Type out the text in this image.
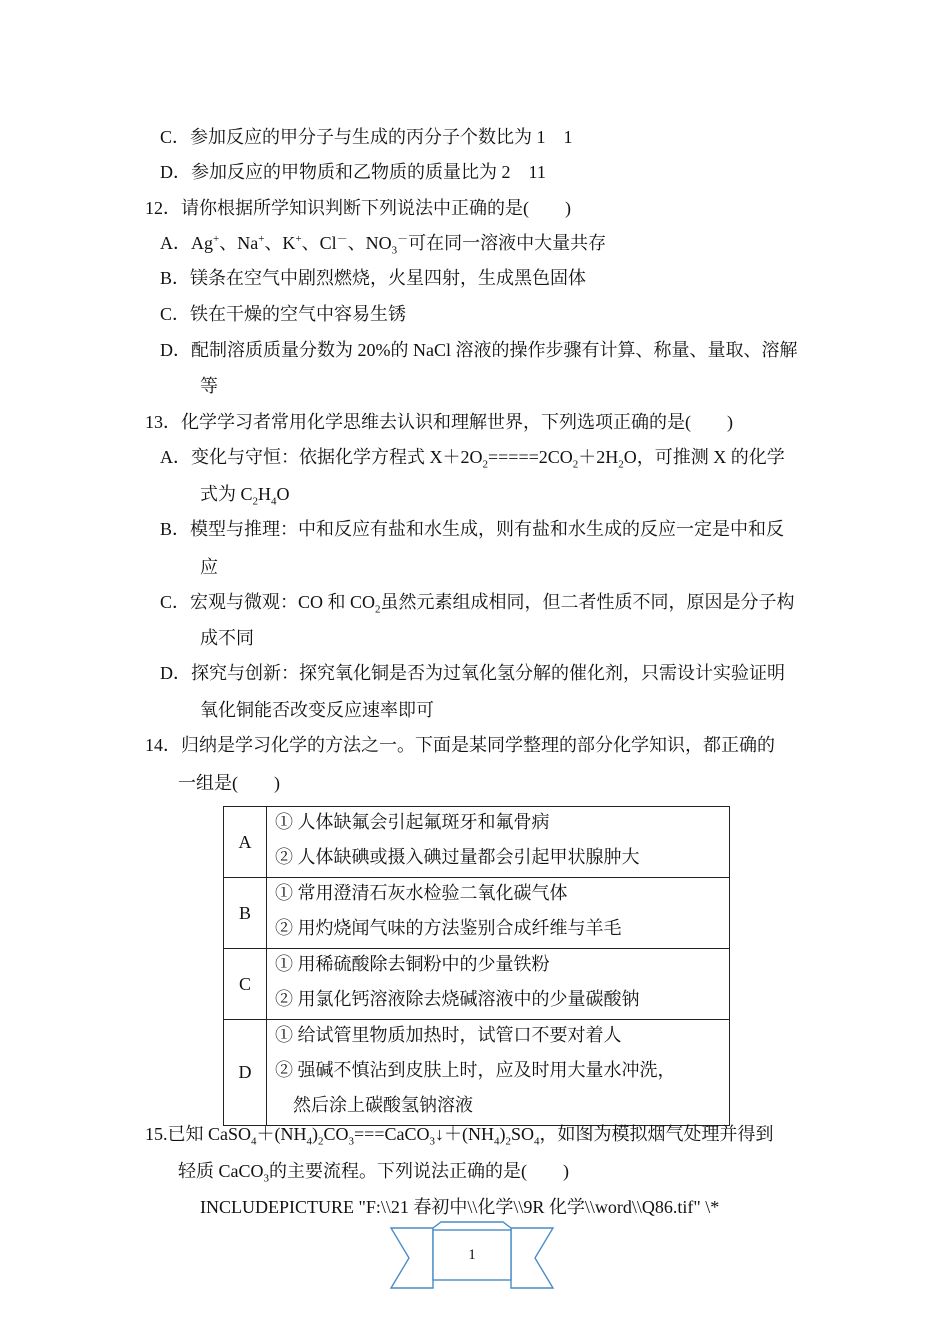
C．参加反应的甲分子与生成的丙分子个数比为 1　1
D．参加反应的甲物质和乙物质的质量比为 2　11
12．请你根据所学知识判断下列说法中正确的是(　　)
A．Ag+、Na+、K+、Cl－、$NO_3^-$可在同一溶液中大量共存
B．镁条在空气中剧烈燃烧，火星四射，生成黑色固体
C．铁在干燥的空气中容易生锈
D．配制溶质质量分数为 20%的 NaCl 溶液的操作步骤有计算、称量、量取、溶解
等
13．化学学习者常用化学思维去认识和理解世界，下列选项正确的是(　　)
A．变化与守恒：依据化学方程式 $X+2O_2=====2CO_2+2H_2O$，可推测 X 的化学
式为 $C_2H_4O$
B．模型与推理：中和反应有盐和水生成，则有盐和水生成的反应一定是中和反
应
C．宏观与微观：CO 和 $CO_2$虽然元素组成相同，但二者性质不同，原因是分子构
成不同
D．探究与创新：探究氧化铜是否为过氧化氢分解的催化剂，只需设计实验证明
氧化铜能否改变反应速率即可
14．归纳是学习化学的方法之一。下面是某同学整理的部分化学知识，都正确的
一组是(　　)
A	① 人体缺氟会引起氟斑牙和氟骨病
② 人体缺碘或摄入碘过量都会引起甲状腺肿大

B	① 常用澄清石灰水检验二氧化碳气体
② 用灼烧闻气味的方法鉴别合成纤维与羊毛

C	① 用稀硫酸除去铜粉中的少量铁粉
② 用氯化钙溶液除去烧碱溶液中的少量碳酸钠

D	① 给试管里物质加热时，试管口不要对着人
② 强碱不慎沾到皮肤上时，应及时用大量水冲洗，
　然后涂上碳酸氢钠溶液
15.已知 $CaSO_4+(NH_4)_2CO_3===CaCO_3↓+(NH_4)_2SO_4$，如图为模拟烟气处理并得到
轻质 CaCO$_3$的主要流程。下列说法正确的是(　　)
INCLUDEPICTURE "F:\\21 春初中\\化学\\9R 化学\\word\\Q86.tif" \*
1
